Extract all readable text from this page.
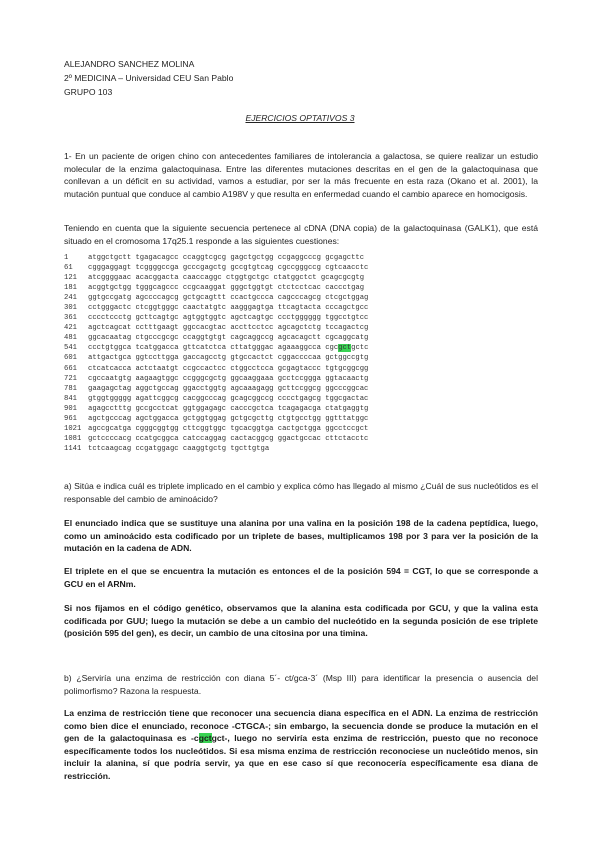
ALEJANDRO SANCHEZ MOLINA
2º MEDICINA – Universidad CEU San Pablo
GRUPO 103
EJERCICIOS OPTATIVOS 3

1- En un paciente de origen chino con antecedentes familiares de intolerancia a galactosa, se quiere realizar un estudio molecular de la enzima galactoquinasa. Entre las diferentes mutaciones descritas en el gen de la galactoquinasa que conllevan a un déficit en su actividad, vamos a estudiar, por ser la más frecuente en esta raza (Okano et al. 2001), la mutación puntual que conduce al cambio A198V y que resulta en enfermedad cuando el cambio aparece en homocigosis.

Teniendo en cuenta que la siguiente secuencia pertenece al cDNA (DNA copia) de la galactoquinasa (GALK1), que está situado en el cromosoma 17q25.1 responde a las siguientes cuestiones:

1	atggctgctt tgagacagcc ccaggtcgcg gagctgctgg ccgaggcccg gcgagcttc
61 cgggaggagt tcggggccga gcccgagctg gccgtgtcag cgccgggccg cgtcaacctc
121 atcggggaac acacggacta caaccaggc ctggtgctgc ctatggctct gcagcgcgtg
181 acggtgctgg tgggcagccc ccgcaaggat gggctggtgt ctctcctcac caccctgag
241 ggtgccgatg agccccagcg gctgcagttt ccactgccca cagcccagcg ctcgctggag
301 cctgggactc ctcggtgggc caactatgtc aagggagtga ttcagtacta cccagctgcc
361 cccctccctg gcttcagtgc agtggtggtc agctcagtgc ccctgggggg tggcctgtcc
421 agctcagcat cctttgaagt ggccacgtac accttcctcc agcagctctg tccagactcg
481 ggcacaatag ctgcccgcgc ccaggtgtgt cagcaggccg agcacagctt cgcaggcatg
541 ccctgtggca tcatggacca gttcatctca cttatgggac agaaaggcca cgcgctgctc
601 attgactgca ggtccttgga gaccagcctg gtgccactct cggaccccaa gctggccgtg
661 ctcatcacca actctaatgt ccgccactcc ctggcctcca gcgagtaccc tgtgcggcgg
721 cgccaatgtg aagaagtggc ccgggcgctg ggcaaggaaa gcctccggga ggtacaactg
781 gaagagctag aggctgccag ggacctggtg agcaaagagg gcttccggcg ggcccggcac
841 gtggtggggg agattcggcg cacggcccag gcagcggccg cccctgagcg tggcgactac
901 agagcctttg gccgcctcat ggtggagagc cacccgctca tcagagacga ctatgaggtg
961 agctgcccag agctggacca gctggtggag gctgcgcttg ctgtgcctgg ggtttatggc
1021 agccgcatga cgggcggtgg cttcggtggc tgcacggtga cactgctgga ggcctccgct
1081 gctccccacg ccatgcggca catccaggag cactacggcg ggactgccac cttctacctc
1141 tctcaagcag ccgatggagc caaggtgctg tgcttgtga

a) Sitúa e indica cuál es triplete implicado en el cambio y explica cómo has llegado al mismo ¿Cuál de sus nucleótidos es el responsable del cambio de aminoácido?

El enunciado indica que se sustituye una alanina por una valina en la posición 198 de la cadena peptídica, luego, como un aminoácido esta codificado por un triplete de bases, multiplicamos 198 por 3 para ver la posición de la mutación en la cadena de ADN.

El triplete en el que se encuentra la mutación es entonces el de la posición 594 = CGT, lo que se corresponde a GCU en el ARNm.

Si nos fijamos en el código genético, observamos que la alanina esta codificada por GCU, y que la valina esta codificada por GUU; luego la mutación se debe a un cambio del nucleótido en la segunda posición de ese triplete (posición 595 del gen), es decir, un cambio de una citosina por una timina.

b) ¿Serviría una enzima de restricción con diana 5´- ct/gca-3´ (Msp III) para identificar la presencia o ausencia del polimorfismo? Razona la respuesta.

La enzima de restricción tiene que reconocer una secuencia diana específica en el ADN. La enzima de restricción como bien dice el enunciado, reconoce -CTGCA-; sin embargo, la secuencia donde se produce la mutación en el gen de la galactoquinasa es -cgctgct-, luego no serviría esta enzima de restricción, puesto que no reconoce específicamente todos los nucleótidos. Si esa misma enzima de restricción reconociese un nucleótido menos, sin incluir la alanina, sí que podría servir, ya que en ese caso sí que reconocería específicamente esa diana de restricción.
